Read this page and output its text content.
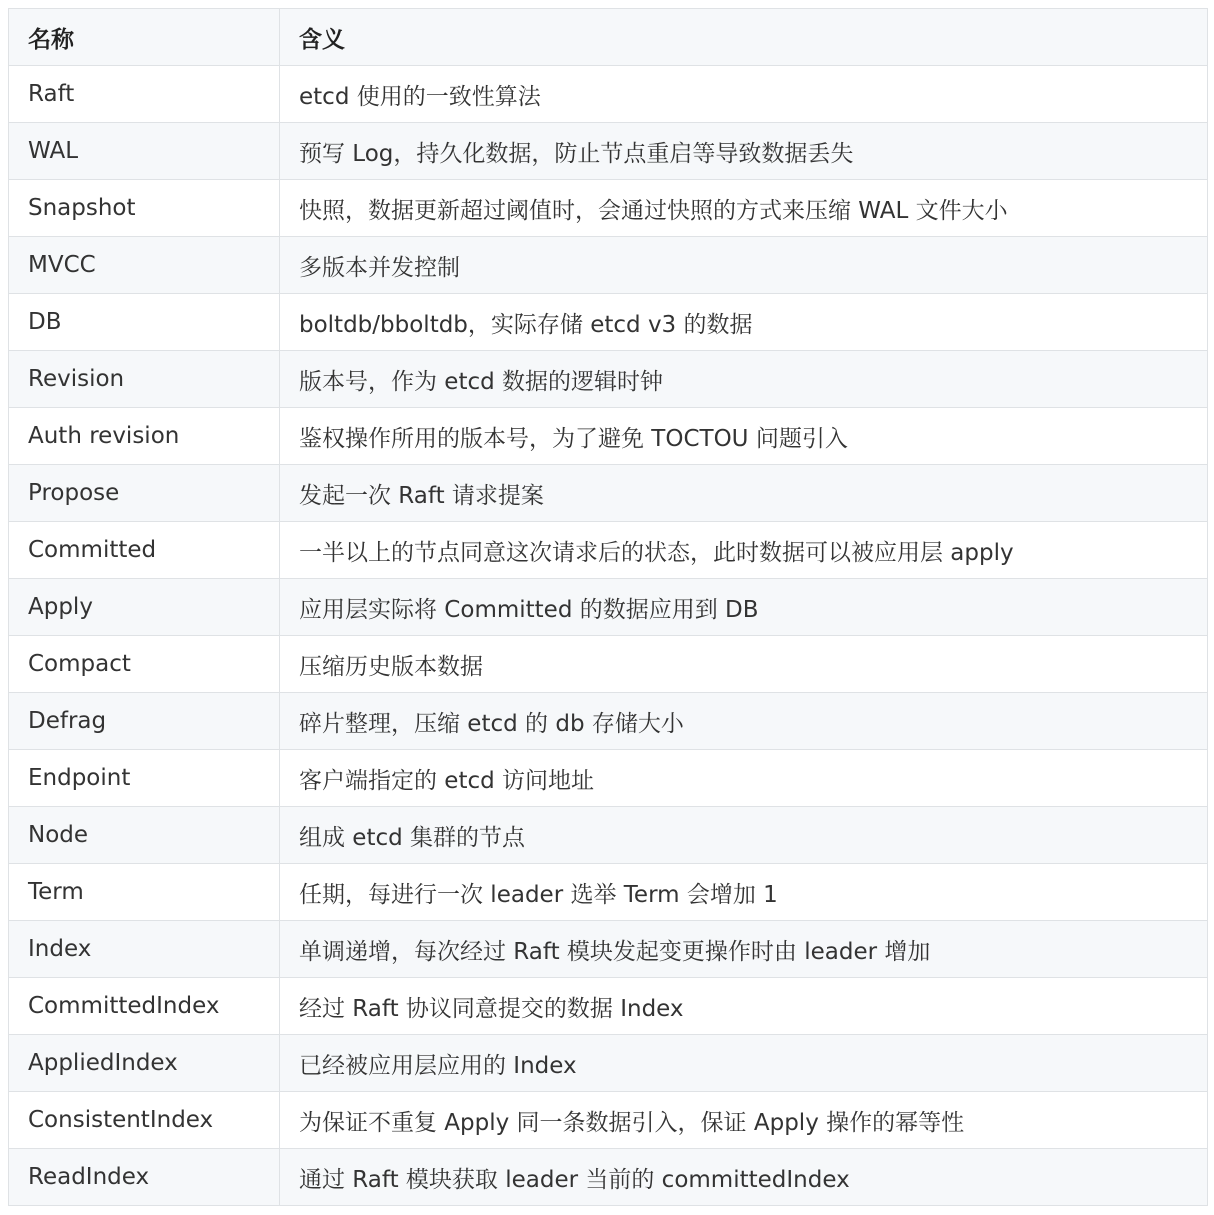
名称	含义
Raft	etcd 使用的一致性算法
WAL	预写 Log，持久化数据，防止节点重启等导致数据丢失
Snapshot	快照，数据更新超过阈值时，会通过快照的方式来压缩 WAL 文件大小
MVCC	多版本并发控制
DB	boltdb/bboltdb，实际存储 etcd v3 的数据
Revision	版本号，作为 etcd 数据的逻辑时钟
Auth revision	鉴权操作所用的版本号，为了避免 TOCTOU 问题引入
Propose	发起一次 Raft 请求提案
Committed	一半以上的节点同意这次请求后的状态，此时数据可以被应用层 apply
Apply	应用层实际将 Committed 的数据应用到 DB
Compact	压缩历史版本数据
Defrag	碎片整理，压缩 etcd 的 db 存储大小
Endpoint	客户端指定的 etcd 访问地址
Node	组成 etcd 集群的节点
Term	任期，每进行一次 leader 选举 Term 会增加 1
Index	单调递增，每次经过 Raft 模块发起变更操作时由 leader 增加
CommittedIndex	经过 Raft 协议同意提交的数据 Index
AppliedIndex	已经被应用层应用的 Index
ConsistentIndex	为保证不重复 Apply 同一条数据引入，保证 Apply 操作的幂等性
ReadIndex	通过 Raft 模块获取 leader 当前的 committedIndex
